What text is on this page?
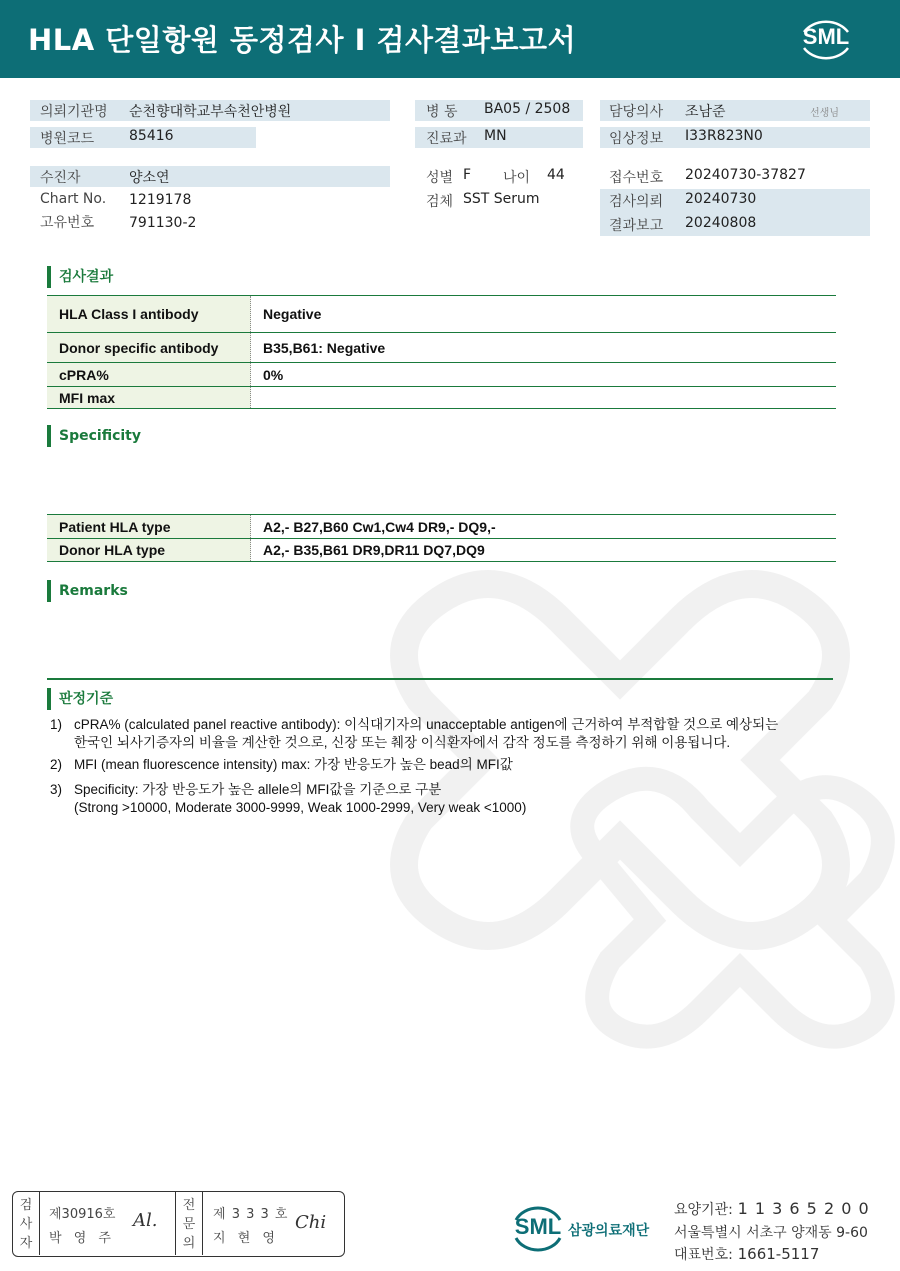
HLA 단일항원 동정검사 I 검사결과보고서	SML
의뢰기관명 순천향대학교부속천안병원
병원코드 85416
병 동 BA05 / 2508
진료과 MN
담당의사 조남준	선생님
임상정보 I33R823N0
수진자	양소연
Chart No. 1219178
고유번호 791130-2
성별 F 나이 44
검체 SST Serum
접수번호 20240730-37827
검사의뢰 20240730
결과보고 20240808
검사결과
HLA Class I antibody	Negative
Donor specific antibody	B35,B61: Negative
cPRA%	0%
MFI max
Specificity
Patient HLA type	A2,- B27,B60 Cw1,Cw4 DR9,- DQ9,-
Donor HLA type	A2,- B35,B61 DR9,DR11 DQ7,DQ9
Remarks
판정기준
1) cPRA% (calculated panel reactive antibody): 이식대기자의 unacceptable antigen에 근거하여 부적합할 것으로 예상되는
한국인 뇌사기증자의 비율을 계산한 것으로, 신장 또는 췌장 이식환자에서 감작 정도를 측정하기 위해 이용됩니다.
2) MFI (mean fluorescence intensity) max: 가장 반응도가 높은 bead의 MFI값
3) Specificity: 가장 반응도가 높은 allele의 MFI값을 기준으로 구분
(Strong >10000, Moderate 3000-9999, Weak 1000-2999, Very weak <1000)
검
사
자
제30916호
박 영 주
Al.
전
문
의
제 3 3 3 호
지 현 영
Chi	SML 삼광의료재단
요양기관: 1 1 3 6 5 2 0 0
서울특별시 서초구 양재동 9-60
대표번호: 1661-5117
